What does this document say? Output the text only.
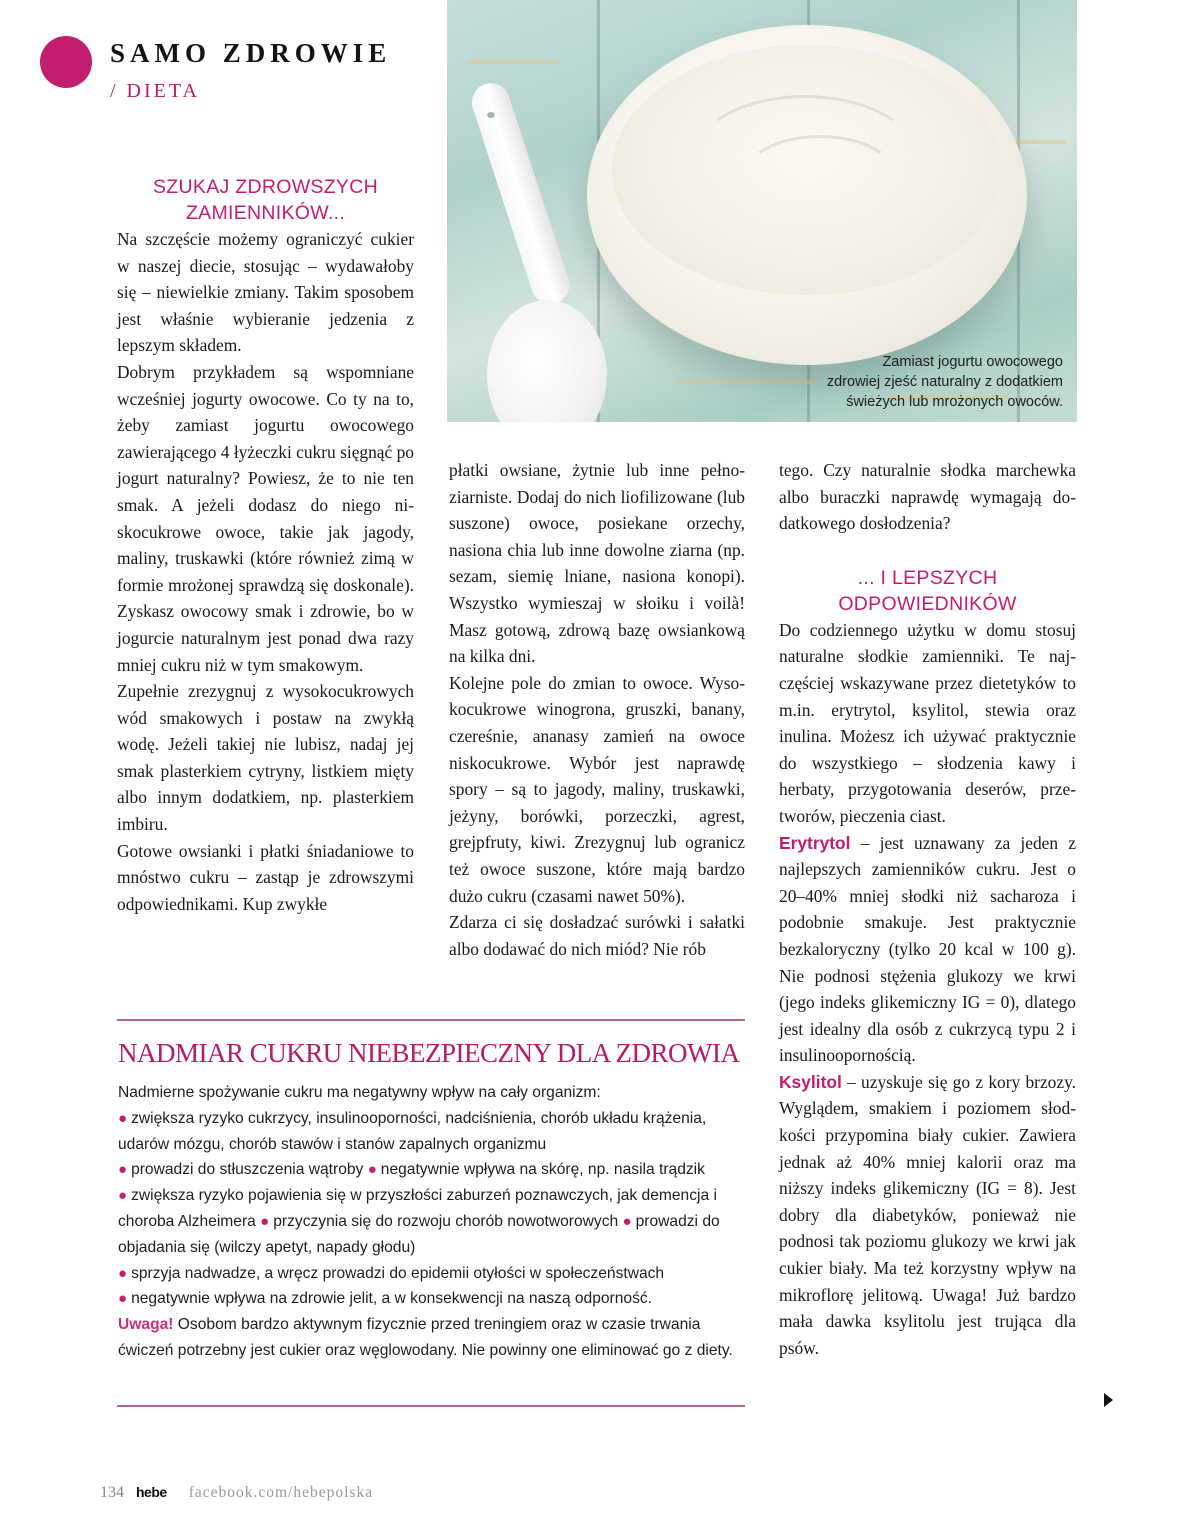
SAMO ZDROWIE
/ DIETA
Zamiast jogurtu owocowego
zdrowiej zjeść naturalny z dodatkiem
świeżych lub mrożonych owoców.
SZUKAJ ZDROWSZYCH
ZAMIENNIKÓW...

Na szczęście możemy ograniczyć cukier w naszej diecie, stosując – wydawałoby się – niewielkie zmiany. Takim sposobem jest właśnie wybieranie jedzenia z lepszym składem.

Dobrym przykładem są wspomniane wcześniej jogurty owocowe. Co ty na to, żeby zamiast jogurtu owocowego zawierającego 4 łyżeczki cukru sięgnąć po jogurt naturalny? Powiesz, że to nie ten smak. A jeżeli dodasz do niego niskocukrowe owoce, takie jak jagody, maliny, truskawki (które również zimą w formie mrożonej sprawdzą się doskonale). Zyskasz owocowy smak i zdrowie, bo w jogurcie naturalnym jest ponad dwa razy mniej cukru niż w tym smakowym.

Zupełnie zrezygnuj z wysokocukrowych wód smakowych i postaw na zwykłą wodę. Jeżeli takiej nie lubisz, nadaj jej smak plasterkiem cytryny, listkiem mięty albo innym dodatkiem, np. plasterkiem imbiru.

Gotowe owsianki i płatki śniadaniowe to mnóstwo cukru – zastąp je zdrowszymi odpowiednikami. Kup zwykłe

płatki owsiane, żytnie lub inne pełnoziarniste. Dodaj do nich liofilizowane (lub suszone) owoce, posiekane orzechy, nasiona chia lub inne dowolne ziarna (np. sezam, siemię lniane, nasiona konopi). Wszystko wymieszaj w słoiku i voilà! Masz gotową, zdrową bazę owsiankową na kilka dni.

Kolejne pole do zmian to owoce. Wysokocukrowe winogrona, gruszki, banany, czereśnie, ananasy zamień na owoce niskocukrowe. Wybór jest naprawdę spory – są to jagody, maliny, truskawki, jeżyny, borówki, porzeczki, agrest, grejpfruty, kiwi. Zrezygnuj lub ogranicz też owoce suszone, które mają bardzo dużo cukru (czasami nawet 50%).

Zdarza ci się dosładzać surówki i sałatki albo dodawać do nich miód? Nie rób

tego. Czy naturalnie słodka marchewka albo buraczki naprawdę wymagają dodatkowego dosłodzenia?

... I LEPSZYCH
ODPOWIEDNIKÓW

Do codziennego użytku w domu stosuj naturalne słodkie zamienniki. Te najczęściej wskazywane przez dietetyków to m.in. erytrytol, ksylitol, stewia oraz inulina. Możesz ich używać praktycznie do wszystkiego – słodzenia kawy i herbaty, przygotowania deserów, przetworów, pieczenia ciast.

Erytrytol – jest uznawany za jeden z najlepszych zamienników cukru. Jest o 20–40% mniej słodki niż sacharoza i podobnie smakuje. Jest praktycznie bezkaloryczny (tylko 20 kcal w 100 g). Nie podnosi stężenia glukozy we krwi (jego indeks glikemiczny IG = 0), dlatego jest idealny dla osób z cukrzycą typu 2 i insulinoopornością.

Ksylitol – uzyskuje się go z kory brzozy. Wyglądem, smakiem i poziomem słodkości przypomina biały cukier. Zawiera jednak aż 40% mniej kalorii oraz ma niższy indeks glikemiczny (IG = 8). Jest dobry dla diabetyków, ponieważ nie podnosi tak poziomu glukozy we krwi jak cukier biały. Ma też korzystny wpływ na mikroflorę jelitową. Uwaga! Już bardzo mała dawka ksylitolu jest trująca dla psów.

NADMIAR CUKRU NIEBEZPIECZNY DLA ZDROWIA

Nadmierne spożywanie cukru ma negatywny wpływ na cały organizm:

● zwiększa ryzyko cukrzycy, insulinooporności, nadciśnienia, chorób układu krążenia, udarów mózgu, chorób stawów i stanów zapalnych organizmu
● prowadzi do stłuszczenia wątroby ● negatywnie wpływa na skórę, np. nasila trądzik ● zwiększa ryzyko pojawienia się w przyszłości zaburzeń poznawczych, jak demencja i choroba Alzheimera ● przyczynia się do rozwoju chorób nowotworowych ● prowadzi do objadania się (wilczy apetyt, napady głodu)
● sprzyja nadwadze, a wręcz prowadzi do epidemii otyłości w społeczeństwach
● negatywnie wpływa na zdrowie jelit, a w konsekwencji na naszą odporność.

Uwaga! Osobom bardzo aktywnym fizycznie przed treningiem oraz w czasie trwania ćwiczeń potrzebny jest cukier oraz węglowodany. Nie powinny one eliminować go z diety.

134 hebe facebook.com/hebepolska
